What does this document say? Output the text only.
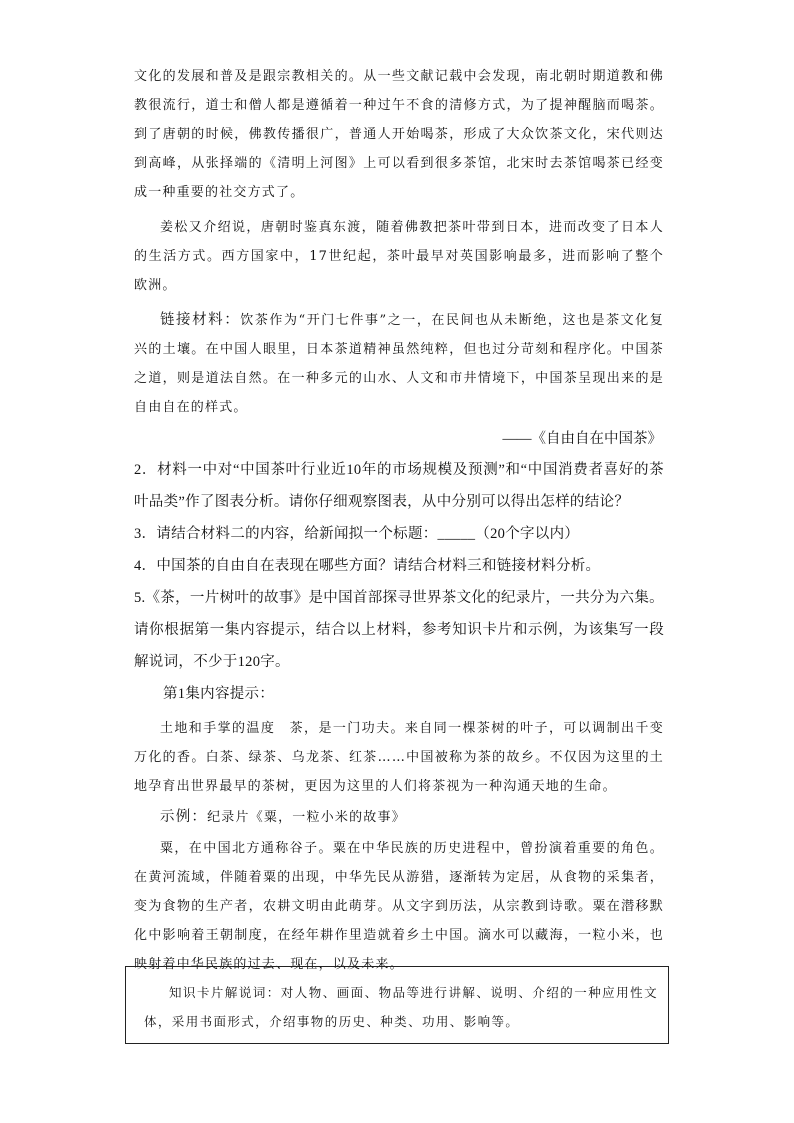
文化的发展和普及是跟宗教相关的。从一些文献记载中会发现，南北朝时期道教和佛教很流行，道士和僧人都是遵循着一种过午不食的清修方式，为了提神醒脑而喝茶。到了唐朝的时候，佛教传播很广，普通人开始喝茶，形成了大众饮茶文化，宋代则达到高峰，从张择端的《清明上河图》上可以看到很多茶馆，北宋时去茶馆喝茶已经变成一种重要的社交方式了。

姜松又介绍说，唐朝时鉴真东渡，随着佛教把茶叶带到日本，进而改变了日本人的生活方式。西方国家中，17世纪起，茶叶最早对英国影响最多，进而影响了整个欧洲。

链接材料：饮茶作为“开门七件事”之一，在民间也从未断绝，这也是茶文化复兴的土壤。在中国人眼里，日本茶道精神虽然纯粹，但也过分苛刻和程序化。中国茶之道，则是道法自然。在一种多元的山水、人文和市井情境下，中国茶呈现出来的是自由自在的样式。

——《自由自在中国茶》

2．材料一中对“中国茶叶行业近10年的市场规模及预测”和“中国消费者喜好的茶叶品类”作了图表分析。请你仔细观察图表，从中分别可以得出怎样的结论？

3．请结合材料二的内容，给新闻拟一个标题：_____（20个字以内）

4．中国茶的自由自在表现在哪些方面？请结合材料三和链接材料分析。

5.《茶，一片树叶的故事》是中国首部探寻世界茶文化的纪录片，一共分为六集。请你根据第一集内容提示，结合以上材料，参考知识卡片和示例，为该集写一段解说词，不少于120字。

第1集内容提示：

土地和手掌的温度　茶，是一门功夫。来自同一棵茶树的叶子，可以调制出千变万化的香。白茶、绿茶、乌龙茶、红茶……中国被称为茶的故乡。不仅因为这里的土地孕育出世界最早的茶树，更因为这里的人们将茶视为一种沟通天地的生命。

示例：纪录片《粟，一粒小米的故事》

粟，在中国北方通称谷子。粟在中华民族的历史进程中，曾扮演着重要的角色。在黄河流域，伴随着粟的出现，中华先民从游猎，逐渐转为定居，从食物的采集者，变为食物的生产者，农耕文明由此萌芽。从文字到历法，从宗教到诗歌。粟在潜移默化中影响着王朝制度，在经年耕作里造就着乡土中国。滴水可以藏海，一粒小米，也映射着中华民族的过去、现在，以及未来。

知识卡片解说词：对人物、画面、物品等进行讲解、说明、介绍的一种应用性文体，采用书面形式，介绍事物的历史、种类、功用、影响等。
